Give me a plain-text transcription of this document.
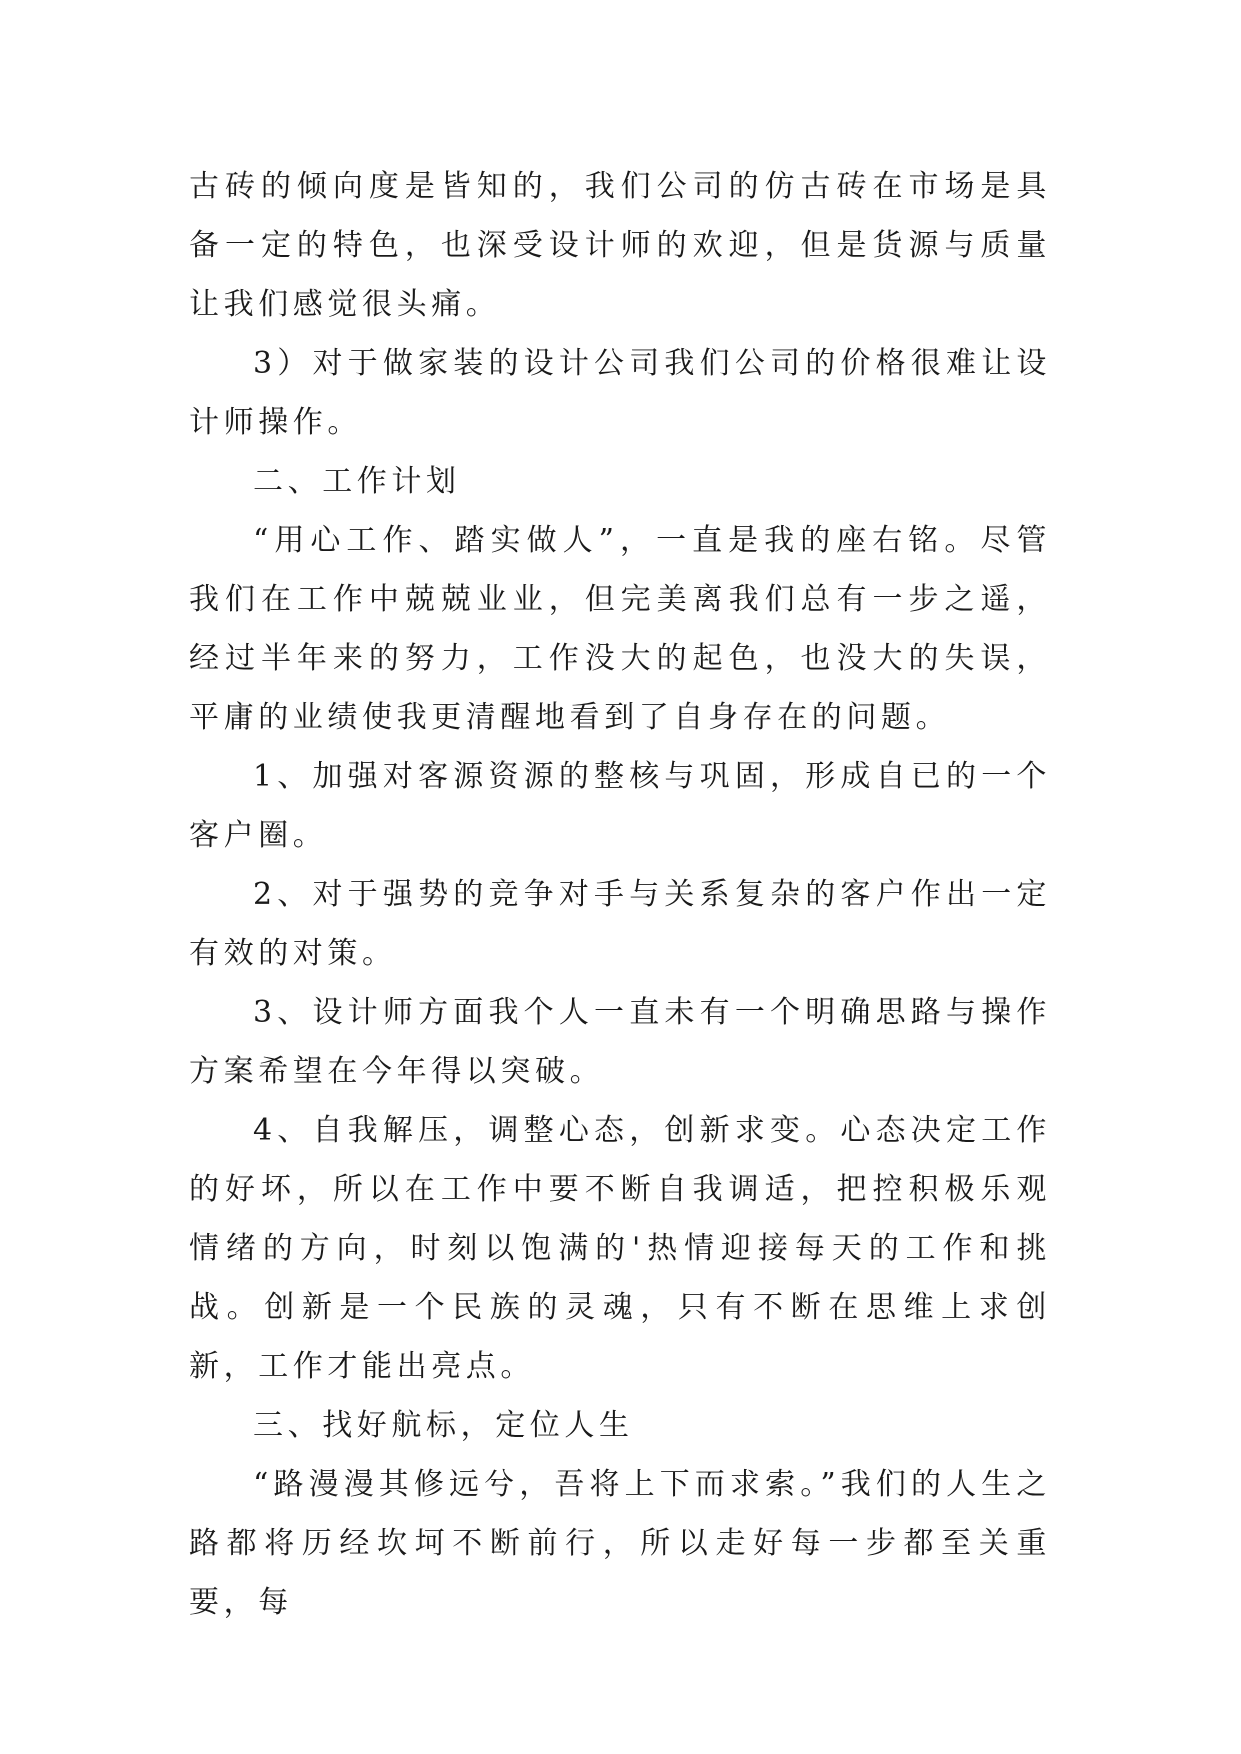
古砖的倾向度是皆知的，我们公司的仿古砖在市场是具备一定的特色，也深受设计师的欢迎，但是货源与质量让我们感觉很头痛。

3）对于做家装的设计公司我们公司的价格很难让设计师操作。

二、工作计划

“用心工作、踏实做人”，一直是我的座右铭。尽管我们在工作中兢兢业业，但完美离我们总有一步之遥，经过半年来的努力，工作没大的起色，也没大的失误，平庸的业绩使我更清醒地看到了自身存在的问题。

1、加强对客源资源的整核与巩固，形成自已的一个客户圈。

2、对于强势的竞争对手与关系复杂的客户作出一定有效的对策。

3、设计师方面我个人一直未有一个明确思路与操作方案希望在今年得以突破。

4、自我解压，调整心态，创新求变。心态决定工作的好坏，所以在工作中要不断自我调适，把控积极乐观情绪的方向，时刻以饱满的'热情迎接每天的工作和挑战。创新是一个民族的灵魂，只有不断在思维上求创新，工作才能出亮点。

三、找好航标，定位人生

“路漫漫其修远兮，吾将上下而求索。”我们的人生之路都将历经坎坷不断前行，所以走好每一步都至关重要，每
